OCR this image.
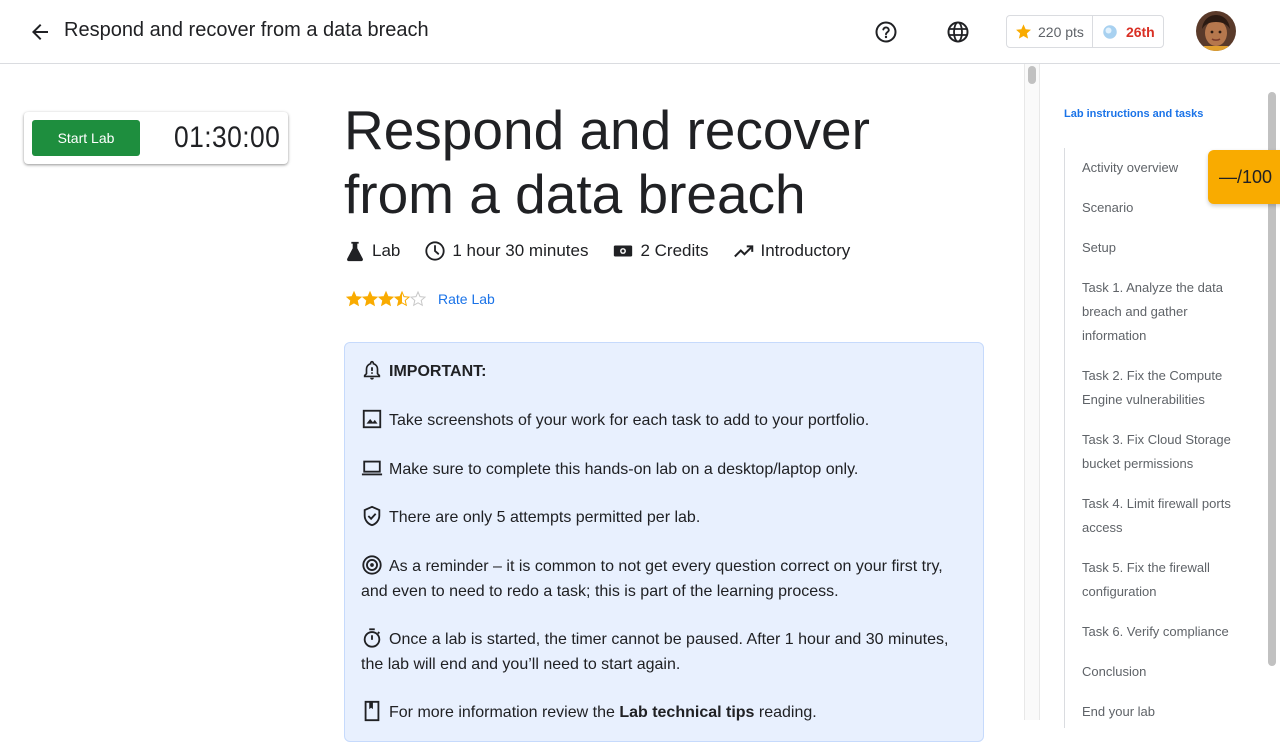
Respond and recover from a data breach	220 pts	26th
Start Lab	01:30:00 Respond and recover from a data breach
Lab	1 hour 30 minutes	2 Credits	Introductory
Rate Lab
IMPORTANT:
Take screenshots of your work for each task to add to your portfolio.
Make sure to complete this hands-on lab on a desktop/laptop only.
There are only 5 attempts permitted per lab.
As a reminder – it is common to not get every question correct on your first try, and even to need to redo a task; this is part of the learning process.
Once a lab is started, the timer cannot be paused. After 1 hour and 30 minutes, the lab will end and you’ll need to start again.
For more information review the Lab technical tips reading.
Lab instructions and tasks
Activity overview
Scenario
Setup
Task 1. Analyze the data breach and gather information
Task 2. Fix the Compute Engine vulnerabilities
Task 3. Fix Cloud Storage bucket permissions
Task 4. Limit firewall ports access
Task 5. Fix the firewall configuration
Task 6. Verify compliance
Conclusion
End your lab
—/100
